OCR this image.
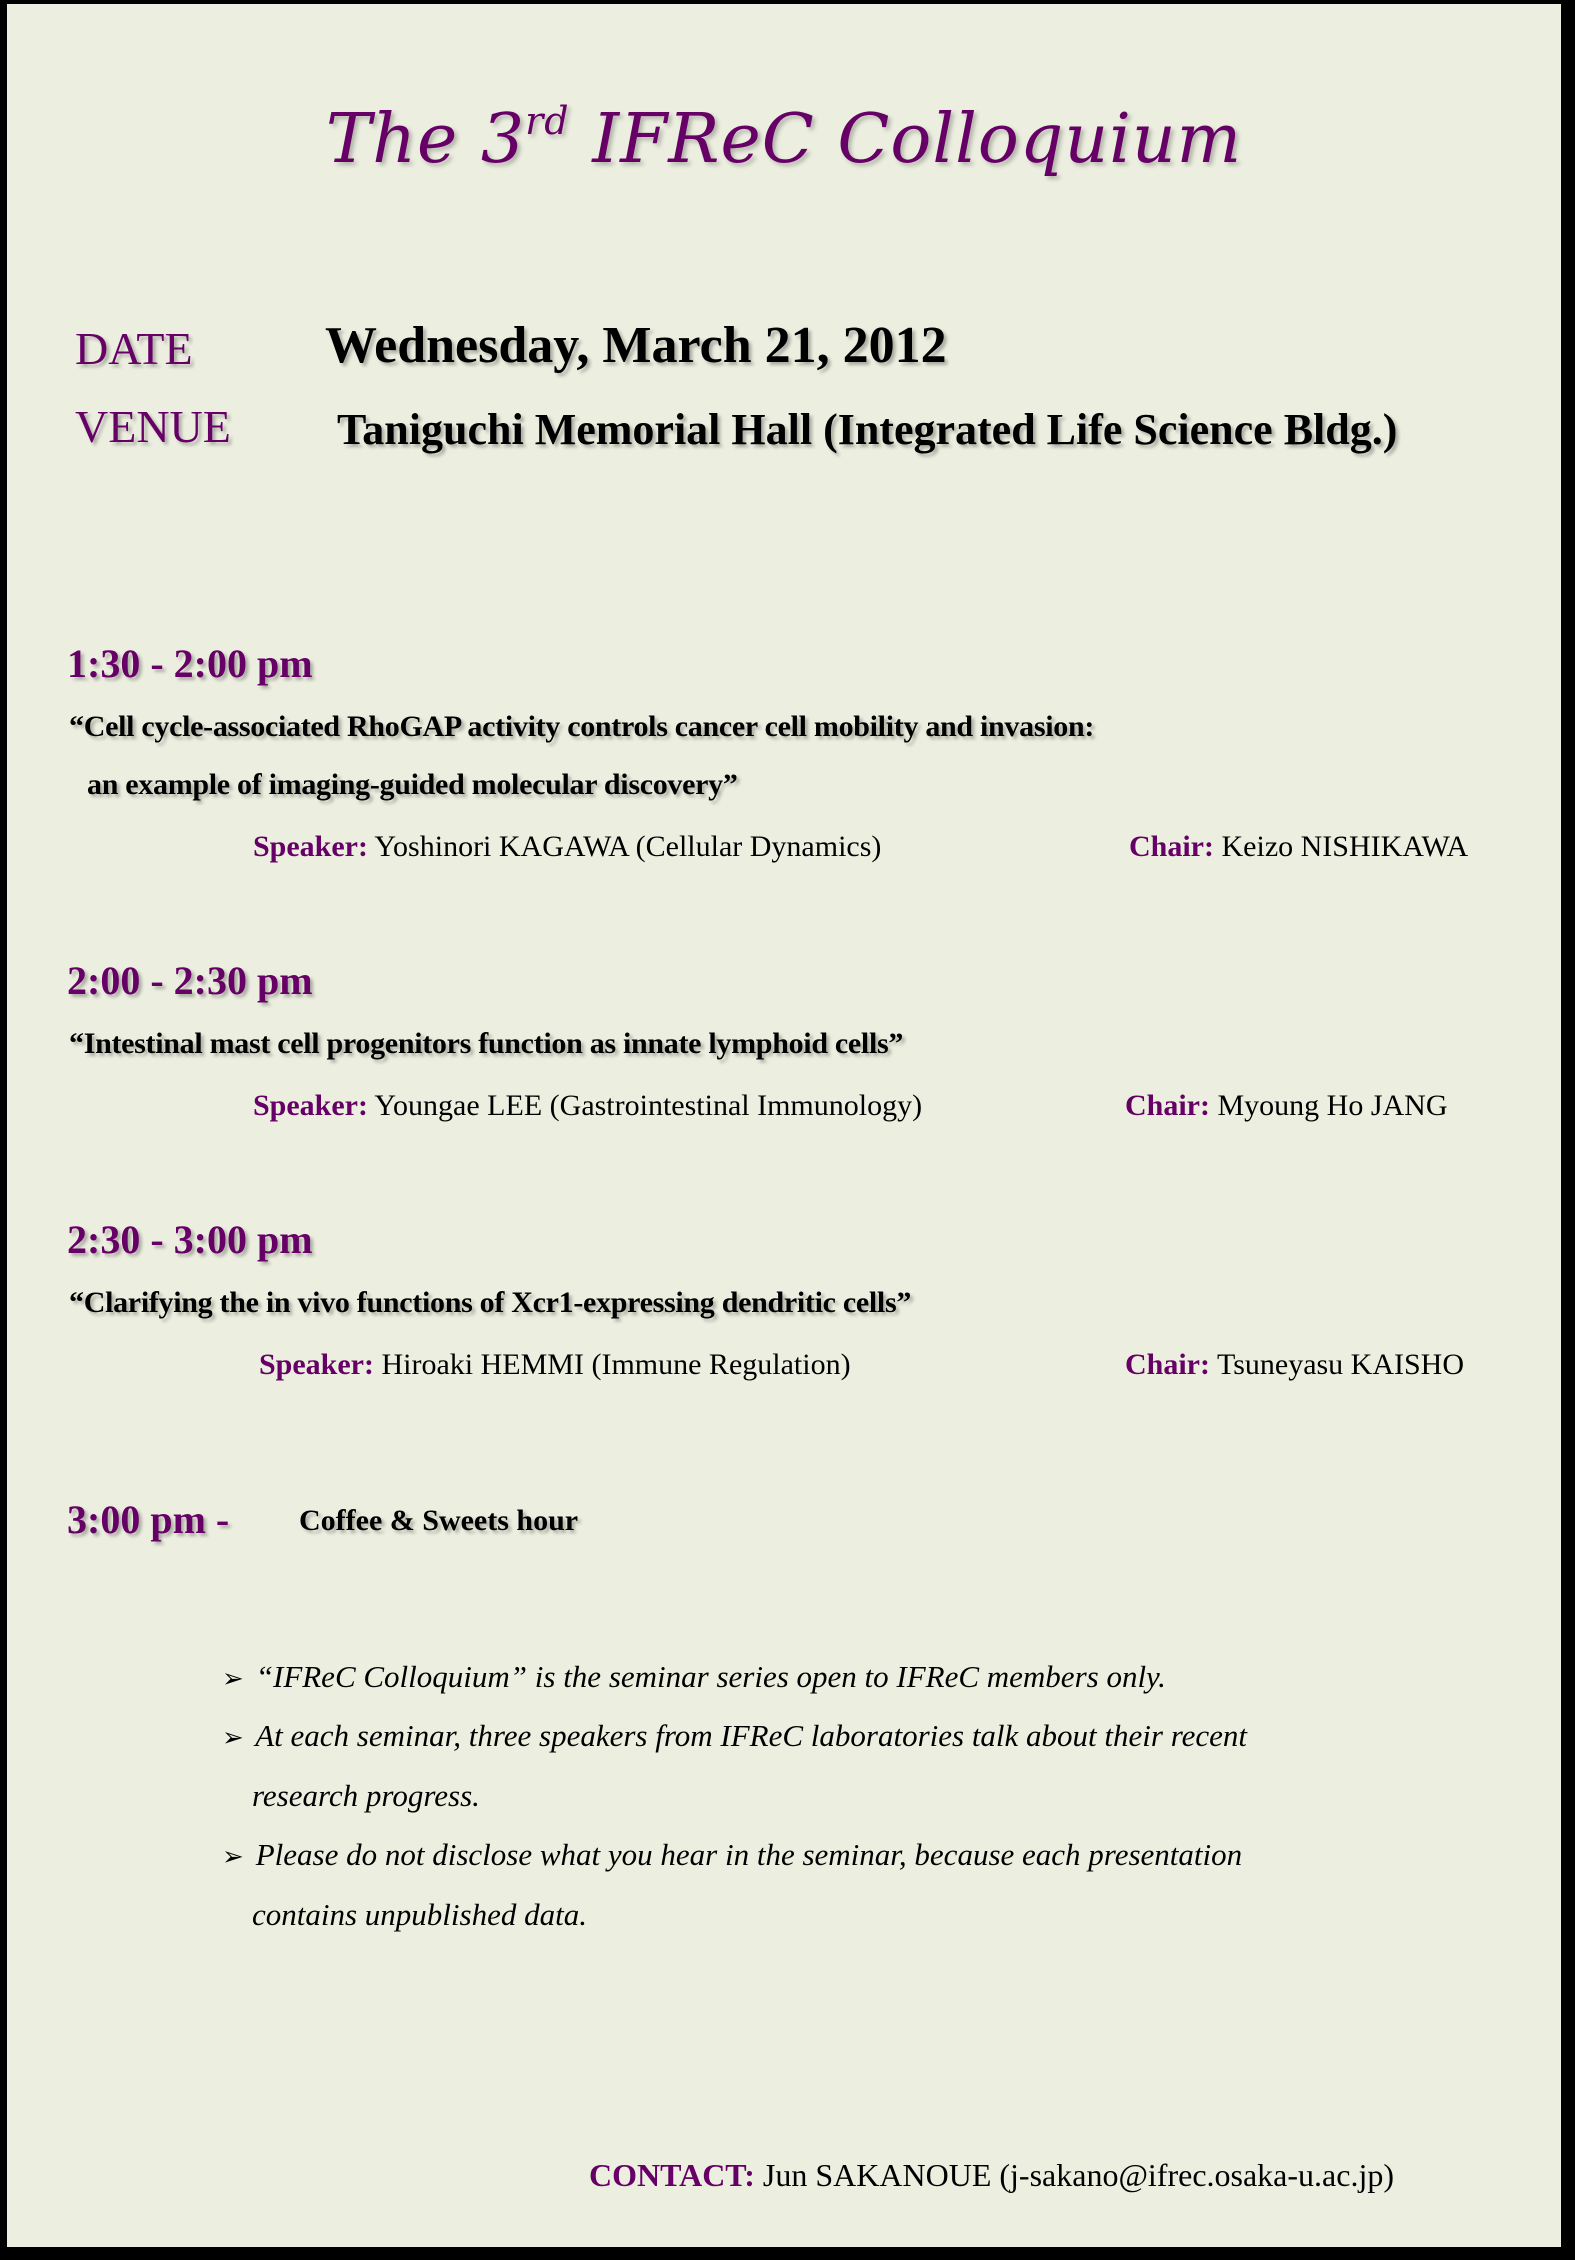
The 3rd IFReC Colloquium
DATE	Wednesday, March 21, 2012
VENUE Taniguchi Memorial Hall (Integrated Life Science Bldg.)
1:30 - 2:00 pm
“Cell cycle-associated RhoGAP activity controls cancer cell mobility and invasion:
an example of imaging-guided molecular discovery”
Speaker: Yoshinori KAGAWA (Cellular Dynamics)	Chair: Keizo NISHIKAWA
2:00 - 2:30 pm
“Intestinal mast cell progenitors function as innate lymphoid cells”
Speaker: Youngae LEE (Gastrointestinal Immunology)	Chair: Myoung Ho JANG
2:30 - 3:00 pm
“Clarifying the in vivo functions of Xcr1-expressing dendritic cells”
Speaker: Hiroaki HEMMI (Immune Regulation)	Chair: Tsuneyasu KAISHO
3:00 pm - Coffee & Sweets hour
➢ “IFReC Colloquium” is the seminar series open to IFReC members only.
➢ At each seminar, three speakers from IFReC laboratories talk about their recent
research progress.
➢ Please do not disclose what you hear in the seminar, because each presentation
contains unpublished data.
CONTACT: Jun SAKANOUE (j-sakano@ifrec.osaka-u.ac.jp)
